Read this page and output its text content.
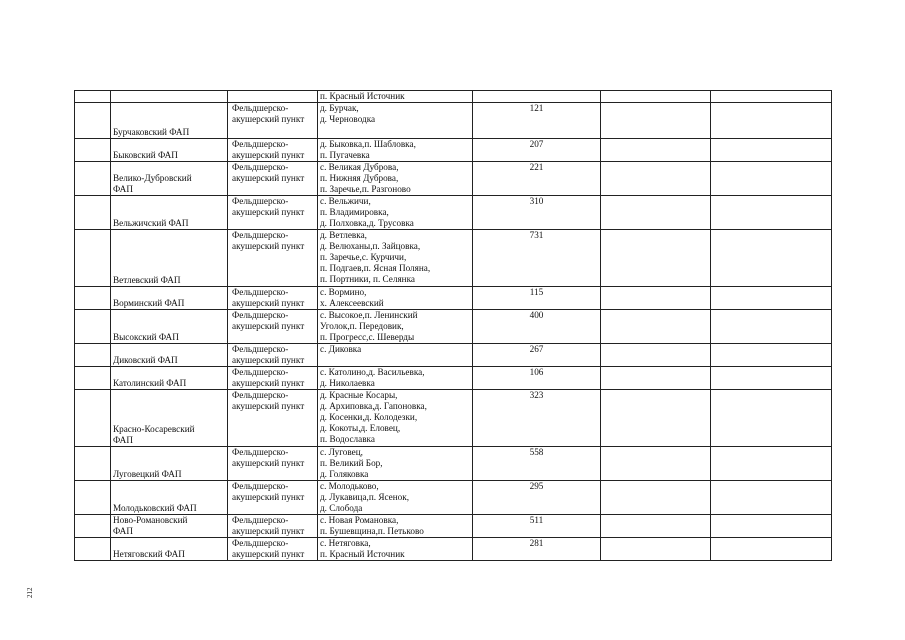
			п. Красный Источник			
	Бурчаковский ФАП	Фельдшерско-
акушерский пункт	д. Бурчак,
д. Черноводка	121		
	Быковский ФАП	Фельдшерско-
акушерский пункт	д. Быковка,п. Шабловка,
п. Пугачевка	207		
	Велико-Дубровский
ФАП	Фельдшерско-
акушерский пункт	с. Великая Дуброва,
п. Нижняя Дуброва,
п. Заречье,п. Разгоново	221		
	Вельжичский ФАП	Фельдшерско-
акушерский пункт	с. Вельжичи,
п. Владимировка,
д. Полховка,д. Трусовка	310		
	Ветлевский ФАП	Фельдшерско-
акушерский пункт	д. Ветлевка,
д. Велюханы,п. Зайцовка,
п. Заречье,с. Курчичи,
п. Подгаев,п. Ясная Поляна,
п. Портники, п. Селянка	731		
	Ворминский ФАП	Фельдшерско-
акушерский пункт	с. Вормино,
х. Алексеевский	115		
	Высокский ФАП	Фельдшерско-
акушерский пункт	с. Высокое,п. Ленинский
Уголок,п. Передовик,
п. Прогресс,с. Шеверды	400		
	Диковский ФАП	Фельдшерско-
акушерский пункт	с. Диковка	267		
	Католинский ФАП	Фельдшерско-
акушерский пункт	с. Католино,д. Васильевка,
д. Николаевка	106		
	Красно-Косаревский
ФАП	Фельдшерско-
акушерский пункт	д. Красные Косары,
д. Архиповка,д. Гапоновка,
д. Косенки,д. Колодезки,
д. Кокоты,д. Еловец,
п. Водославка	323		
	Луговецкий ФАП	Фельдшерско-
акушерский пункт	с. Луговец,
п. Великий Бор,
д. Голяковка	558		
	Молодьковский ФАП	Фельдшерско-
акушерский пункт	с. Молодьково,
д. Лукавица,п. Ясенок,
д. Слобода	295		
	Ново-Романовский
ФАП	Фельдшерско-
акушерский пункт	с. Новая Романовка,
п. Бушевщина,п. Петьково	511		
	Нетяговский ФАП	Фельдшерско-
акушерский пункт	с. Нетяговка,
п. Красный Источник	281		
212
